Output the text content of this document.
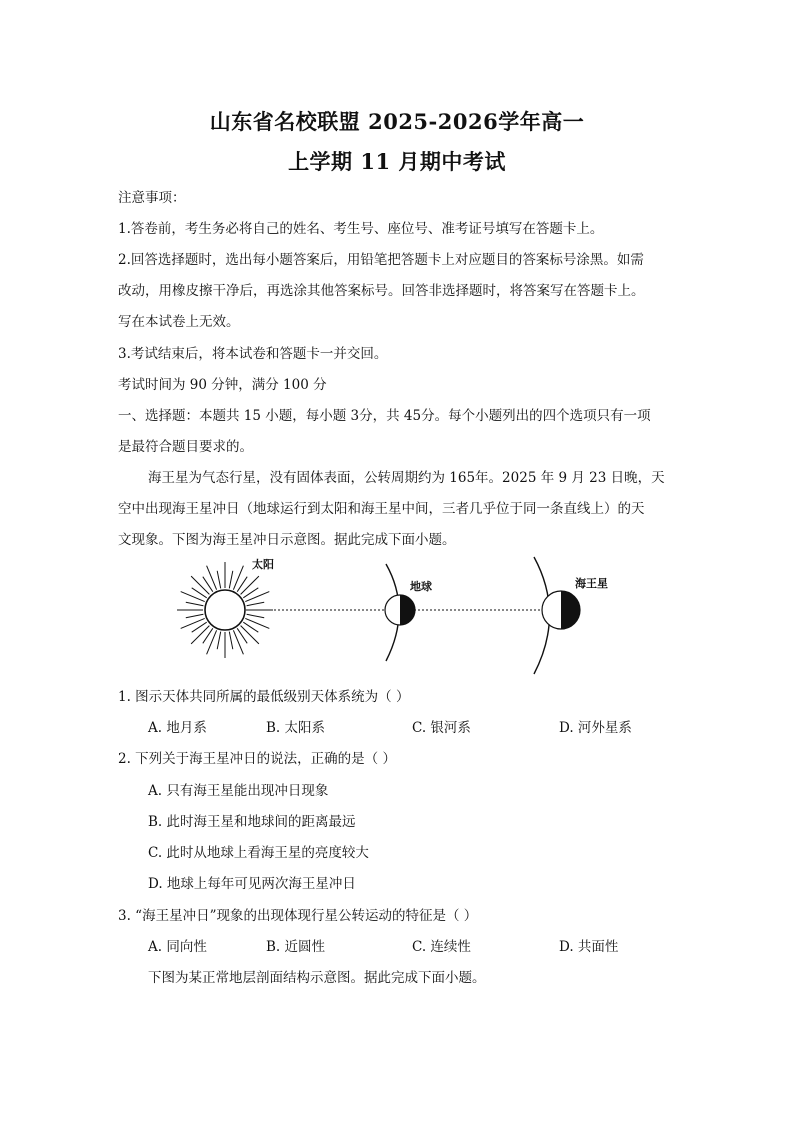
山东省名校联盟 2025-2026学年高一
上学期 11 月期中考试
注意事项：
1.答卷前，考生务必将自己的姓名、考生号、座位号、准考证号填写在答题卡上。
2.回答选择题时，选出每小题答案后，用铅笔把答题卡上对应题目的答案标号涂黑。如需
改动，用橡皮擦干净后，再选涂其他答案标号。回答非选择题时，将答案写在答题卡上。
写在本试卷上无效。
3.考试结束后，将本试卷和答题卡一并交回。
考试时间为 90 分钟，满分 100 分
一、选择题：本题共 15 小题，每小题 3分，共 45分。每个小题列出的四个选项只有一项
是最符合题目要求的。
海王星为气态行星，没有固体表面，公转周期约为 165年。2025 年 9 月 23 日晚，天
空中出现海王星冲日（地球运行到太阳和海王星中间，三者几乎位于同一条直线上）的天
文现象。下图为海王星冲日示意图。据此完成下面小题。
太阳
地球	海王星
1. 图示天体共同所属的最低级别天体系统为（ ）
A. 地月系	B. 太阳系	C. 银河系	D. 河外星系
2. 下列关于海王星冲日的说法，正确的是（ ）
A. 只有海王星能出现冲日现象
B. 此时海王星和地球间的距离最远
C. 此时从地球上看海王星的亮度较大
D. 地球上每年可见两次海王星冲日
3. “海王星冲日”现象的出现体现行星公转运动的特征是（ ）
A. 同向性	B. 近圆性	C. 连续性	D. 共面性
下图为某正常地层剖面结构示意图。据此完成下面小题。
